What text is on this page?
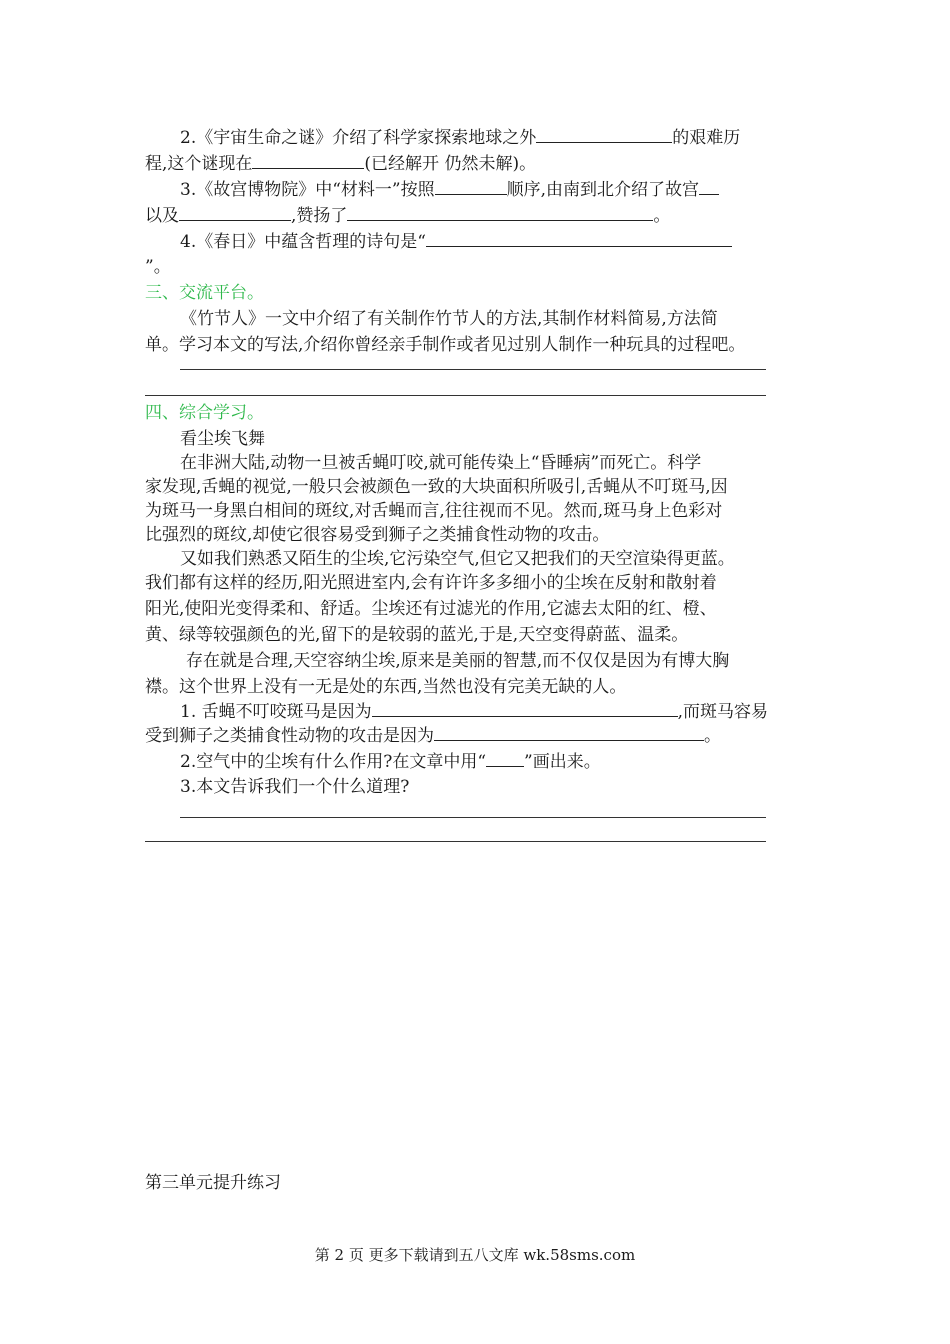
2.《宇宙生命之谜》介绍了科学家探索地球之外	的艰难历
程,这个谜现在	(已经解开 仍然未解)。
3.《故宫博物院》中“材料一”按照	顺序,由南到北介绍了故宫
以及	,赞扬了	。
4.《春日》中蕴含哲理的诗句是“
”。
三、交流平台。
《竹节人》一文中介绍了有关制作竹节人的方法,其制作材料简易,方法简
单。学习本文的写法,介绍你曾经亲手制作或者见过别人制作一种玩具的过程吧。
四、综合学习。
看尘埃飞舞
在非洲大陆,动物一旦被舌蝇叮咬,就可能传染上“昏睡病”而死亡。科学
家发现,舌蝇的视觉,一般只会被颜色一致的大块面积所吸引,舌蝇从不叮斑马,因
为斑马一身黑白相间的斑纹,对舌蝇而言,往往视而不见。然而,斑马身上色彩对
比强烈的斑纹,却使它很容易受到狮子之类捕食性动物的攻击。
又如我们熟悉又陌生的尘埃,它污染空气,但它又把我们的天空渲染得更蓝。
我们都有这样的经历,阳光照进室内,会有许许多多细小的尘埃在反射和散射着
阳光,使阳光变得柔和、舒适。尘埃还有过滤光的作用,它滤去太阳的红、橙、
黄、绿等较强颜色的光,留下的是较弱的蓝光,于是,天空变得蔚蓝、温柔。
存在就是合理,天空容纳尘埃,原来是美丽的智慧,而不仅仅是因为有博大胸
襟。这个世界上没有一无是处的东西,当然也没有完美无缺的人。
1. 舌蝇不叮咬斑马是因为	,而斑马容易
受到狮子之类捕食性动物的攻击是因为	。
2.空气中的尘埃有什么作用?在文章中用“ ”画出来。
3.本文告诉我们一个什么道理?
第三单元提升练习
第 2 页 更多下载请到五八文库 wk.58sms.com
